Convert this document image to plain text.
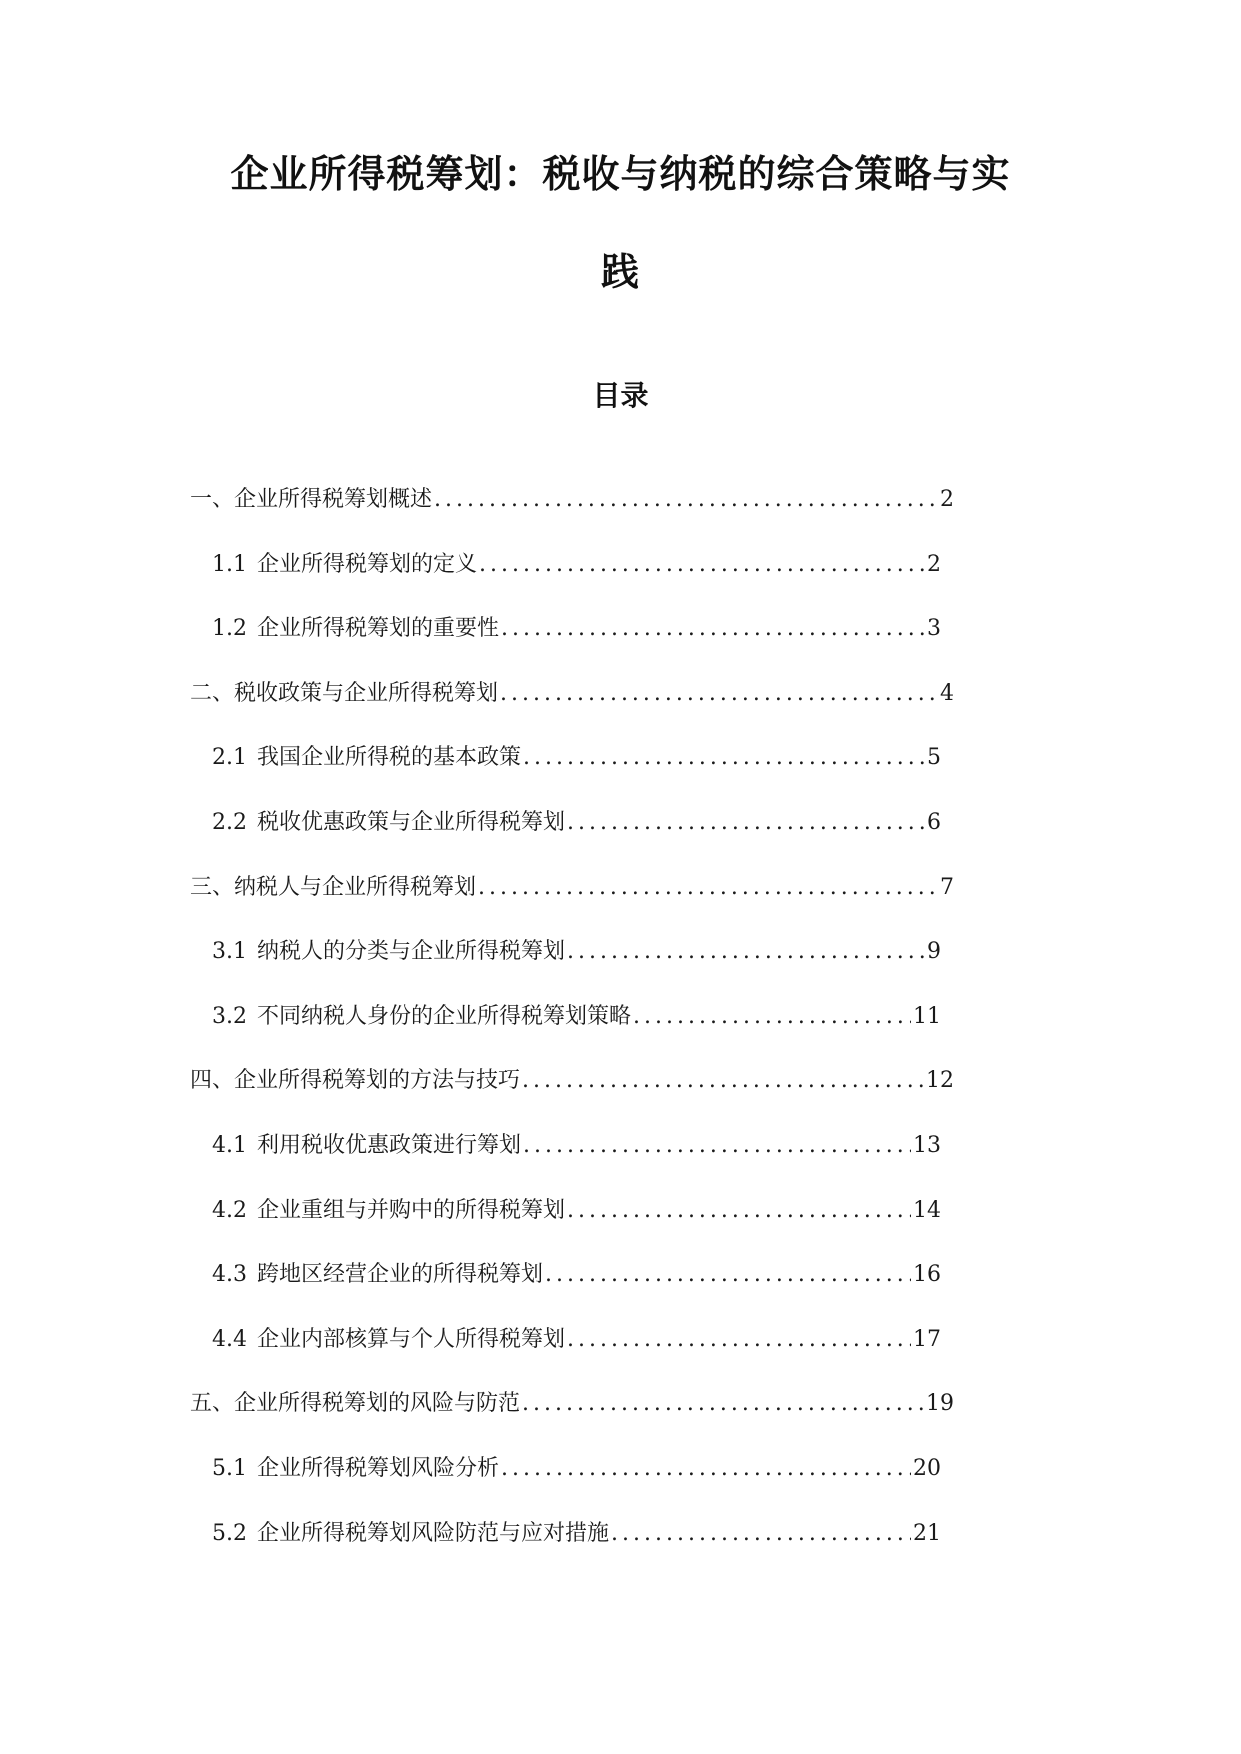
企业所得税筹划：税收与纳税的综合策略与实
践
目录
一、企业所得税筹划概述 .....	2
1.1 企业所得税筹划的定义 .....	2
1.2 企业所得税筹划的重要性 .....	3
二、税收政策与企业所得税筹划 .....	4
2.1 我国企业所得税的基本政策 .....	5
2.2 税收优惠政策与企业所得税筹划 .....	6
三、纳税人与企业所得税筹划 .....	7
3.1 纳税人的分类与企业所得税筹划 .....	9
3.2 不同纳税人身份的企业所得税筹划策略 .....	11
四、企业所得税筹划的方法与技巧 .....	12
4.1 利用税收优惠政策进行筹划 .....	13
4.2 企业重组与并购中的所得税筹划 .....	14
4.3 跨地区经营企业的所得税筹划 .....	16
4.4 企业内部核算与个人所得税筹划 .....	17
五、企业所得税筹划的风险与防范 .....	19
5.1 企业所得税筹划风险分析 .....	20
5.2 企业所得税筹划风险防范与应对措施 .....	21
